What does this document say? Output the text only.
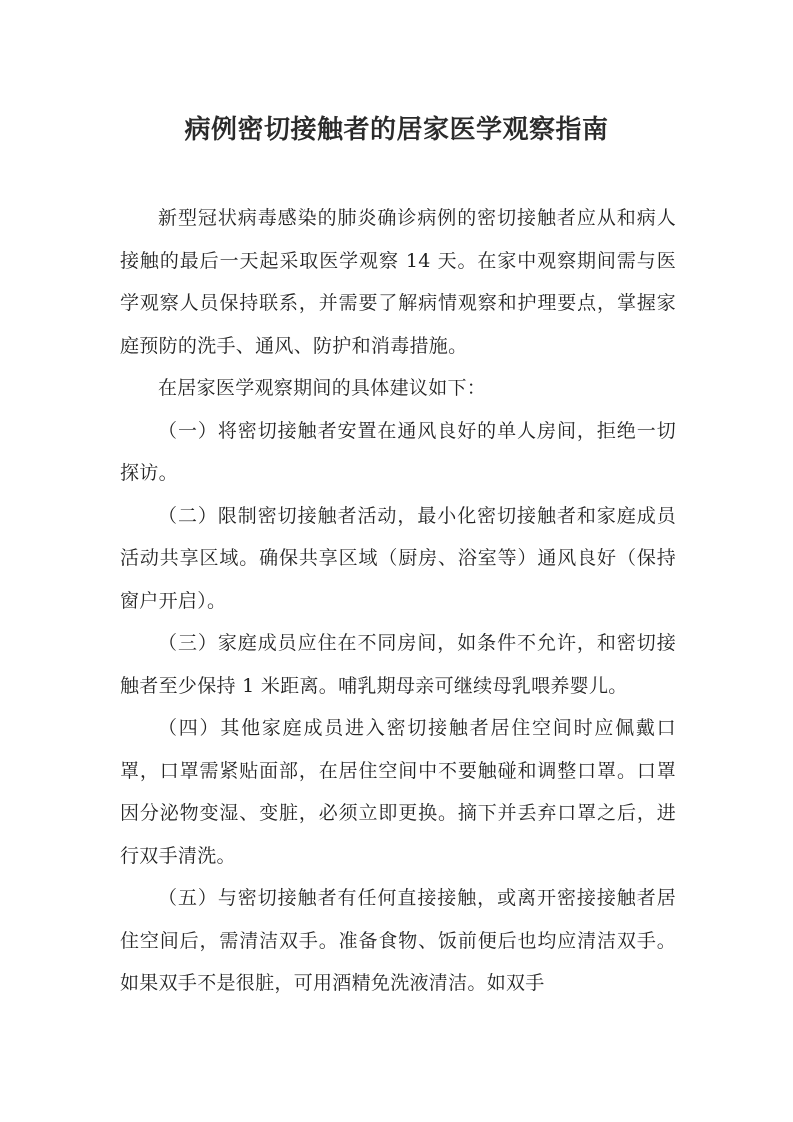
病例密切接触者的居家医学观察指南

新型冠状病毒感染的肺炎确诊病例的密切接触者应从和病人接触的最后一天起采取医学观察 14 天。在家中观察期间需与医学观察人员保持联系，并需要了解病情观察和护理要点，掌握家庭预防的洗手、通风、防护和消毒措施。

在居家医学观察期间的具体建议如下：

（一）将密切接触者安置在通风良好的单人房间，拒绝一切探访。

（二）限制密切接触者活动，最小化密切接触者和家庭成员活动共享区域。确保共享区域（厨房、浴室等）通风良好（保持窗户开启）。

（三）家庭成员应住在不同房间，如条件不允许，和密切接触者至少保持 1 米距离。哺乳期母亲可继续母乳喂养婴儿。

（四）其他家庭成员进入密切接触者居住空间时应佩戴口罩，口罩需紧贴面部，在居住空间中不要触碰和调整口罩。口罩因分泌物变湿、变脏，必须立即更换。摘下并丢弃口罩之后，进行双手清洗。

（五）与密切接触者有任何直接接触，或离开密接接触者居住空间后，需清洁双手。准备食物、饭前便后也均应清洁双手。如果双手不是很脏，可用酒精免洗液清洁。如双手
